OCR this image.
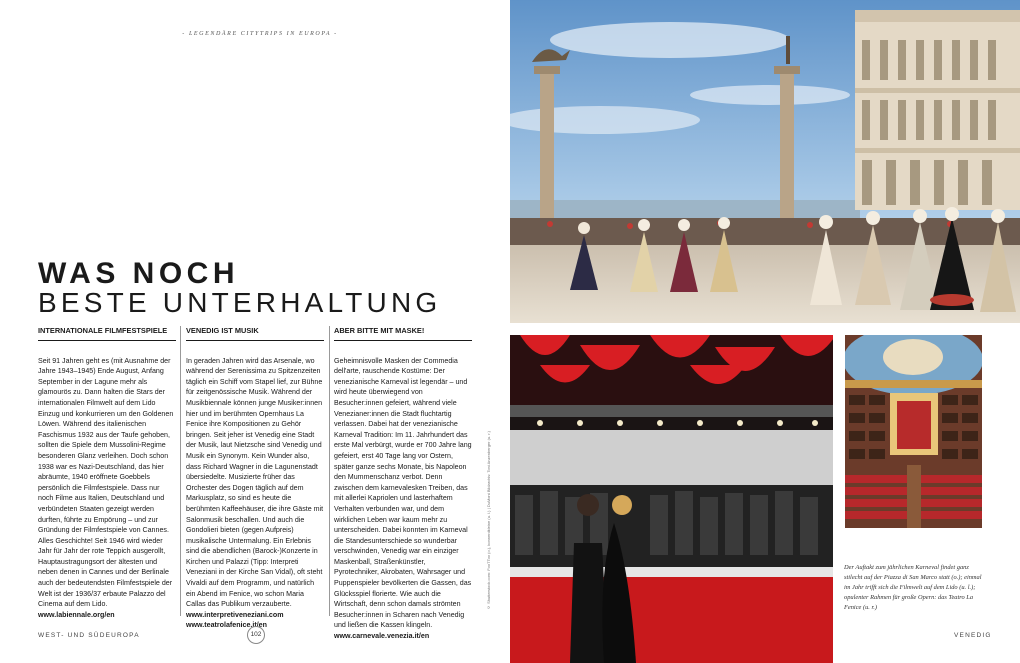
- LEGENDÄRE CITYTRIPS IN EUROPA -
WAS NOCH
BESTE UNTERHALTUNG
INTERNATIONALE FILMFESTSPIELE

Seit 91 Jahren geht es (mit Ausnahme der Jahre 1943–1945) Ende August, Anfang September in der Lagune mehr als glamourös zu. Dann halten die Stars der internationalen Filmwelt auf dem Lido Einzug und konkurrieren um den Goldenen Löwen. Während des italienischen Faschismus 1932 aus der Taufe gehoben, sollten die Spiele dem Mussolini-Regime besonderen Glanz verleihen. Doch schon 1938 war es Nazi-Deutschland, das hier abräumte, 1940 eröffnete Goebbels persönlich die Filmfestspiele. Dass nur noch Filme aus Italien, Deutschland und verbündeten Staaten gezeigt werden durften, führte zu Empörung – und zur Gründung der Filmfestspiele von Cannes. Alles Geschichte! Seit 1946 wird wieder Jahr für Jahr der rote Teppich ausgerollt, Hauptaustragungsort der ältesten und neben denen in Cannes und der Berlinale auch der bedeutendsten Filmfestspiele der Welt ist der 1936/37 erbaute Palazzo del Cinema auf dem Lido.

www.labiennale.org/en
VENEDIG IST MUSIK

In geraden Jahren wird das Arsenale, wo während der Serenissima zu Spitzenzeiten täglich ein Schiff vom Stapel lief, zur Bühne für zeitgenössische Musik. Während der Musikbiennale können junge Musiker:innen hier und im berühmten Opernhaus La Fenice ihre Kompositionen zu Gehör bringen. Seit jeher ist Venedig eine Stadt der Musik, laut Nietzsche sind Venedig und Musik ein Synonym. Kein Wunder also, dass Richard Wagner in die Lagunenstadt übersiedelte. Musizierte früher das Orchester des Dogen täglich auf dem Markusplatz, so sind es heute die berühmten Kaffeehäuser, die ihre Gäste mit Salonmusik beschallen. Und auch die Gondolieri bieten (gegen Aufpreis) musikalische Untermalung. Ein Erlebnis sind die abendlichen (Barock-)Konzerte in Kirchen und Palazzi (Tipp: Interpreti Veneziani in der Kirche San Vidal), oft steht Vivaldi auf dem Programm, und natürlich ein Abend im Fenice, wo schon Maria Callas das Publikum verzauberte.

www.interpretiveneziani.com
www.teatrolafenice.it/en
ABER BITTE MIT MASKE!

Geheimnisvolle Masken der Commedia dell'arte, rauschende Kostüme: Der venezianische Karneval ist legendär – und wird heute überwiegend von Besucher:innen gefeiert, während viele Venezianer:innen die Stadt fluchtartig verlassen. Dabei hat der venezianische Karneval Tradition: Im 11. Jahrhundert das erste Mal verbürgt, wurde er 700 Jahre lang gefeiert, erst 40 Tage lang vor Ostern, später ganze sechs Monate, bis Napoleon den Mummenschanz verbot. Denn zwischen dem karnevalesken Treiben, das mit allerlei Kapriolen und lasterhaftem Verhalten verbunden war, und dem wirklichen Leben war kaum mehr zu unterscheiden. Dabei konnten im Karneval die Standesunterschiede so wunderbar verschwinden, Venedig war ein einziger Maskenball, Straßenkünstler, Pyrotechniker, Akrobaten, Wahrsager und Puppenspieler bevölkerten die Gassen, das Glücksspiel florierte. Wie auch die Wirtschaft, denn schon damals strömten Besucher:innen in Scharen nach Venedig und ließen die Kassen klingeln.

www.carnevale.venezia.it/en
© Shutterstock.com: FooTToo (o.), konnerdkleine (u. l.) | DuMont Bildarchiv: Toni Anzenberger (u. r.)
WEST- UND SÜDEUROPA	102	VENEDIG
Der Auftakt zum jährlichen Karneval findet ganz stilecht auf der Piazza di San Marco statt (o.); einmal im Jahr trifft sich die Filmwelt auf dem Lido (u. l.); opulenter Rahmen für große Opern: das Teatro La Fenice (u. r.)
